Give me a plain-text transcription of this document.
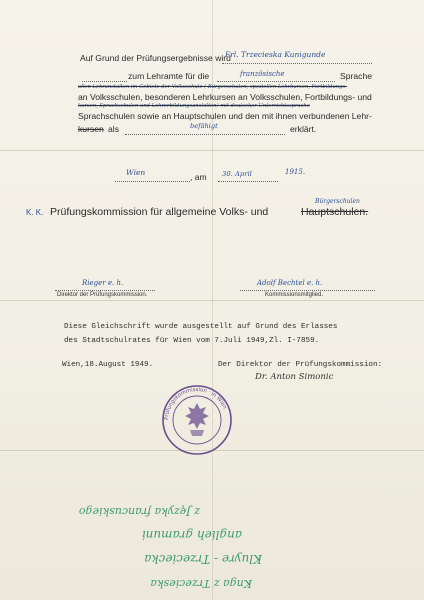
Auf Grund der Prüfungsergebnisse wird
Frl. Trzecieska Kunigunde
zum Lehramte für die	französische	Sprache
allen Lehranstalten im Gebiete der Volksschule ( Bürgerschulen, speziellen Lehrkursen, Fortbildungs-
an Volksschulen, besonderen Lehrkursen an Volksschulen, Fortbildungs- und
kursen, Sprachschulen und Lehrerbildungsanstalten) mit deutscher Unterrichtssprache
Sprachschulen sowie an Hauptschulen und den mit ihnen verbundenen Lehr-
kursen als	befähigt	erklärt.
Wien	, am 30. April	1915.
Bürgerschulen
K. K. Prüfungskommission für allgemeine Volks- und	Hauptschulen.
Rieger e. h.
Direktor der Prüfungskommission.
Adolf Bechtel e. h.
Kommissionsmitglied.
Diese Gleichschrift wurde ausgestellt auf Grund des Erlasses
des Stadtschulrates für Wien vom 7.Juli 1949,Zl. I-7859.
Wien,18.August 1949.	Der Direktor der Prüfungskommission:
Dr. Anton Simonic
Prüfungskommission · in Wien
Knga z Trzecieska
Kluyre - Trzeciecka
anglieh gramuni
z Języka francuskiego
